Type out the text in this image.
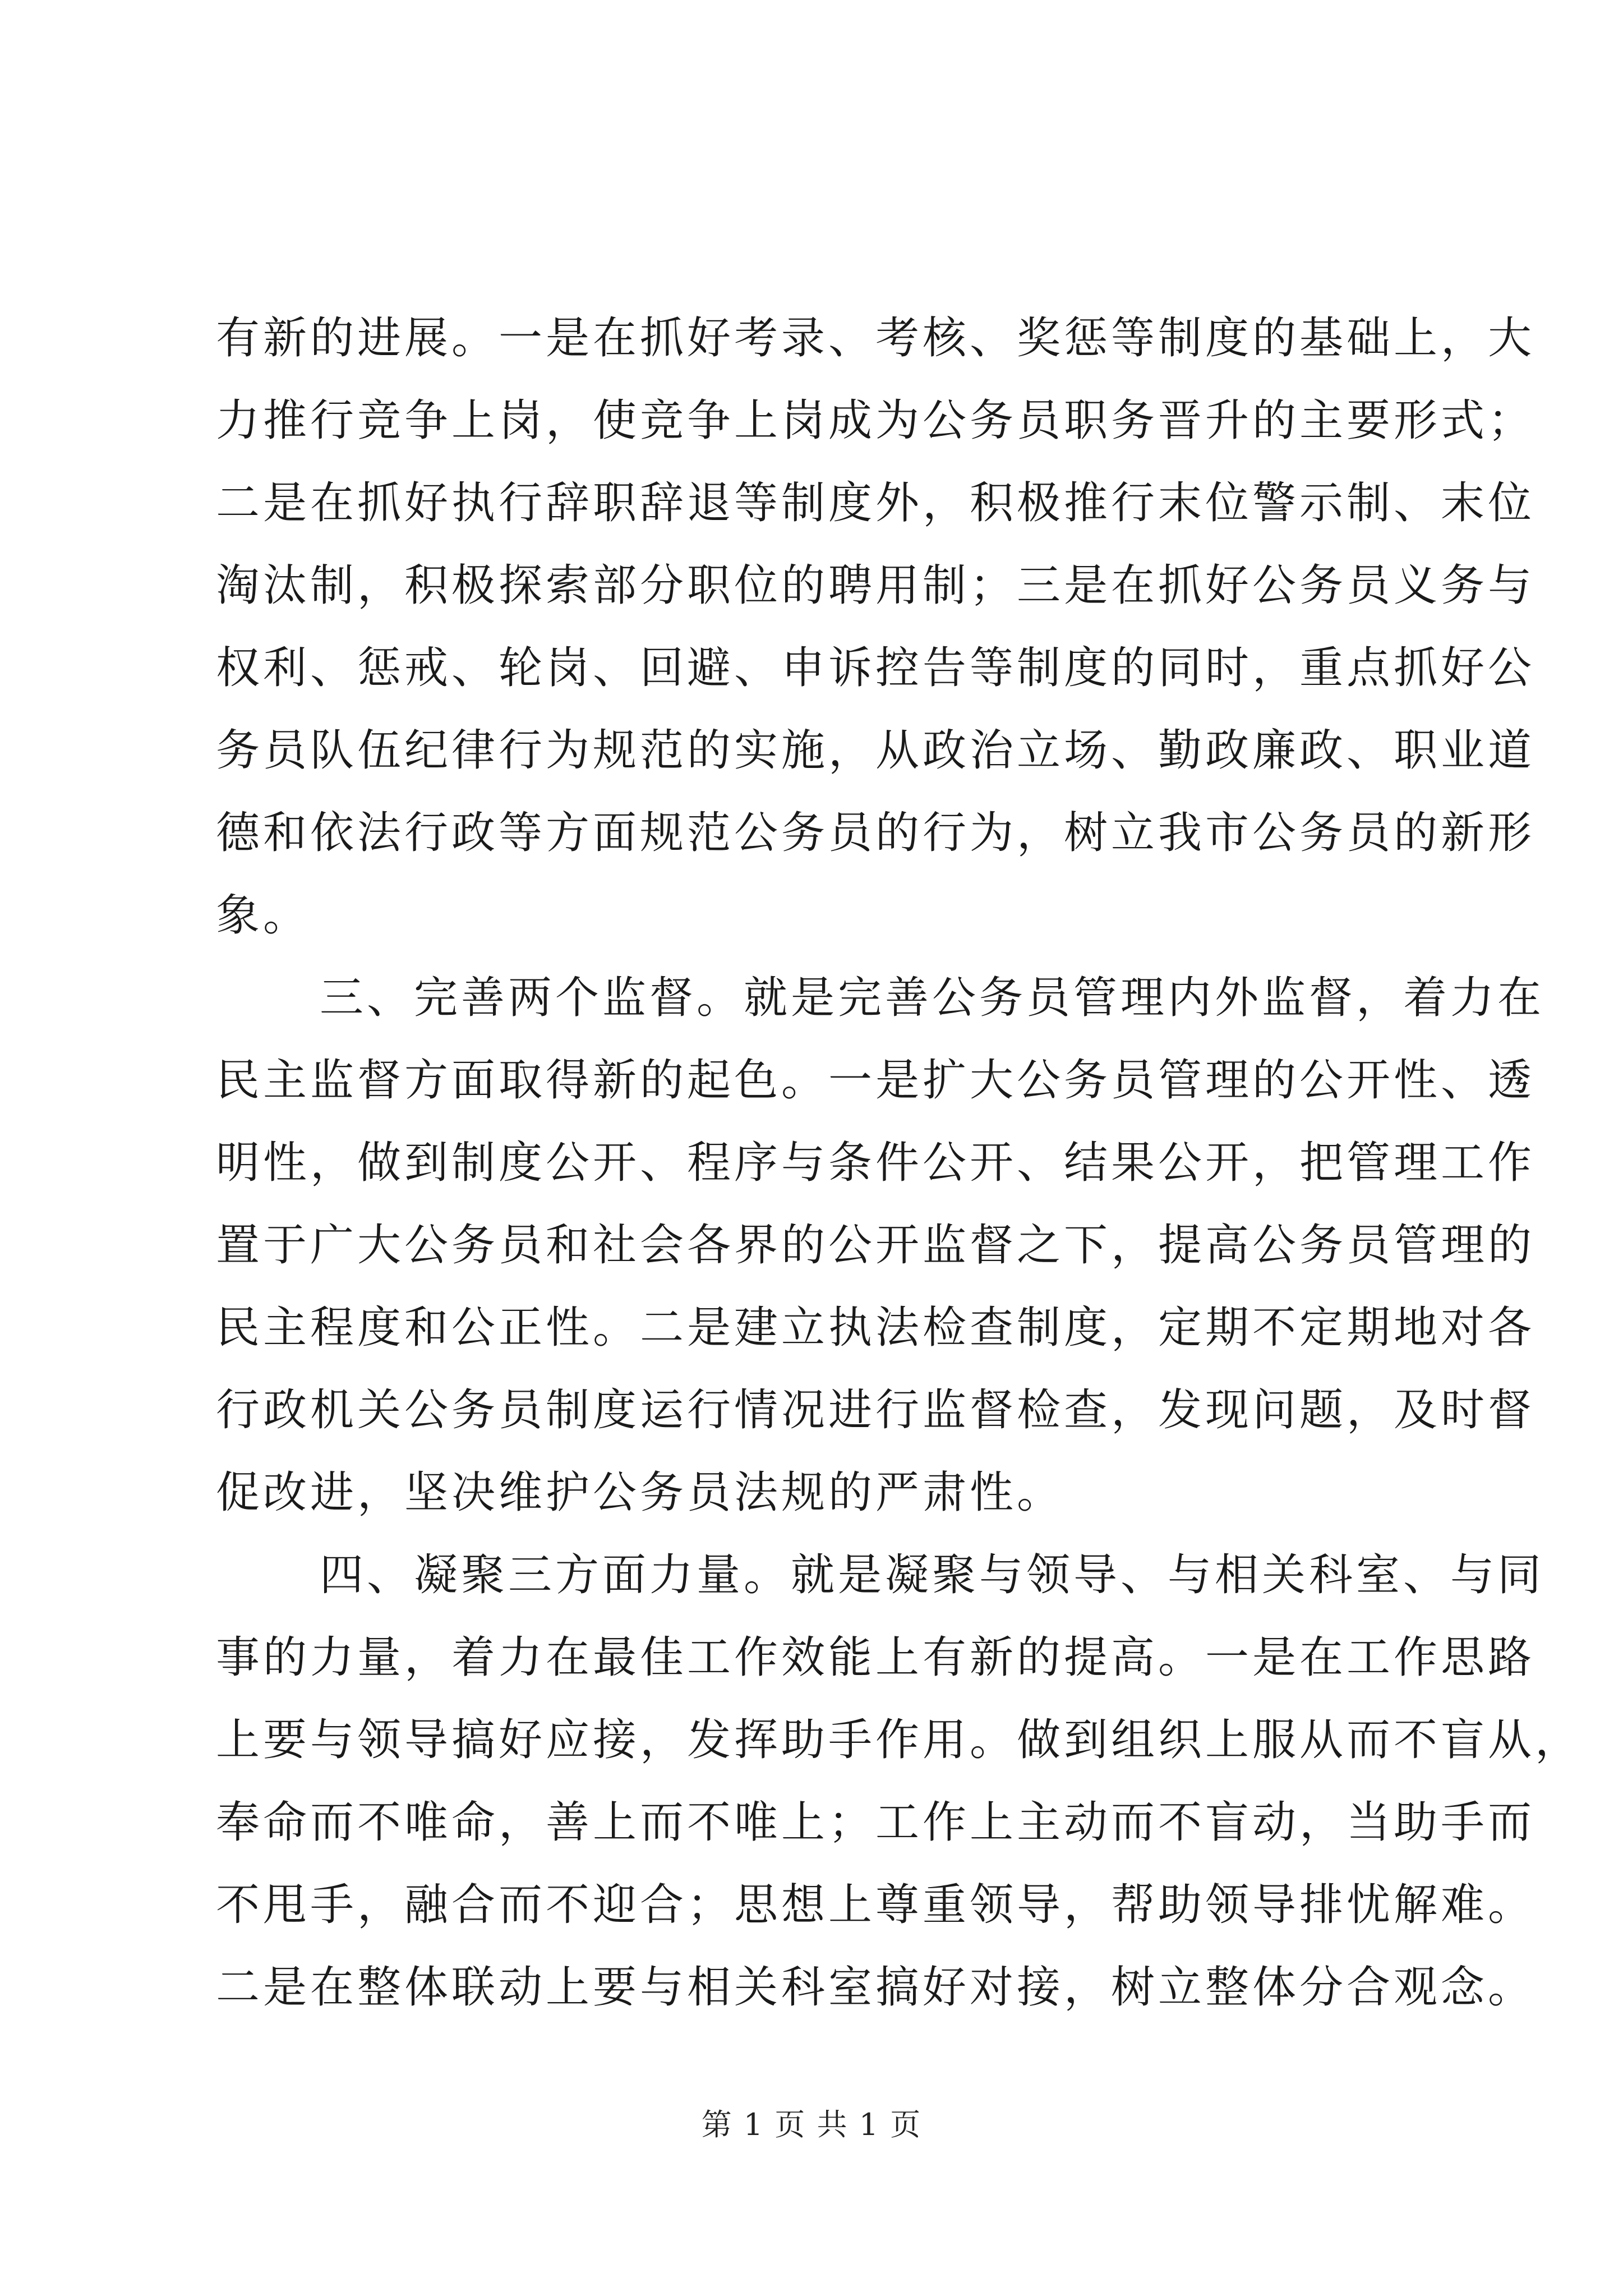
有新的进展。一是在抓好考录、考核、奖惩等制度的基础上，大
力推行竞争上岗，使竞争上岗成为公务员职务晋升的主要形式；
二是在抓好执行辞职辞退等制度外，积极推行末位警示制、末位
淘汰制，积极探索部分职位的聘用制；三是在抓好公务员义务与
权利、惩戒、轮岗、回避、申诉控告等制度的同时，重点抓好公
务员队伍纪律行为规范的实施，从政治立场、勤政廉政、职业道
德和依法行政等方面规范公务员的行为，树立我市公务员的新形
象。
三、完善两个监督。就是完善公务员管理内外监督，着力在
民主监督方面取得新的起色。一是扩大公务员管理的公开性、透
明性，做到制度公开、程序与条件公开、结果公开，把管理工作
置于广大公务员和社会各界的公开监督之下，提高公务员管理的
民主程度和公正性。二是建立执法检查制度，定期不定期地对各
行政机关公务员制度运行情况进行监督检查，发现问题，及时督
促改进，坚决维护公务员法规的严肃性。
四、凝聚三方面力量。就是凝聚与领导、与相关科室、与同
事的力量，着力在最佳工作效能上有新的提高。一是在工作思路
上要与领导搞好应接，发挥助手作用。做到组织上服从而不盲从，
奉命而不唯命，善上而不唯上；工作上主动而不盲动，当助手而
不甩手，融合而不迎合；思想上尊重领导，帮助领导排忧解难。
二是在整体联动上要与相关科室搞好对接，树立整体分合观念。
第 1 页 共 1 页
